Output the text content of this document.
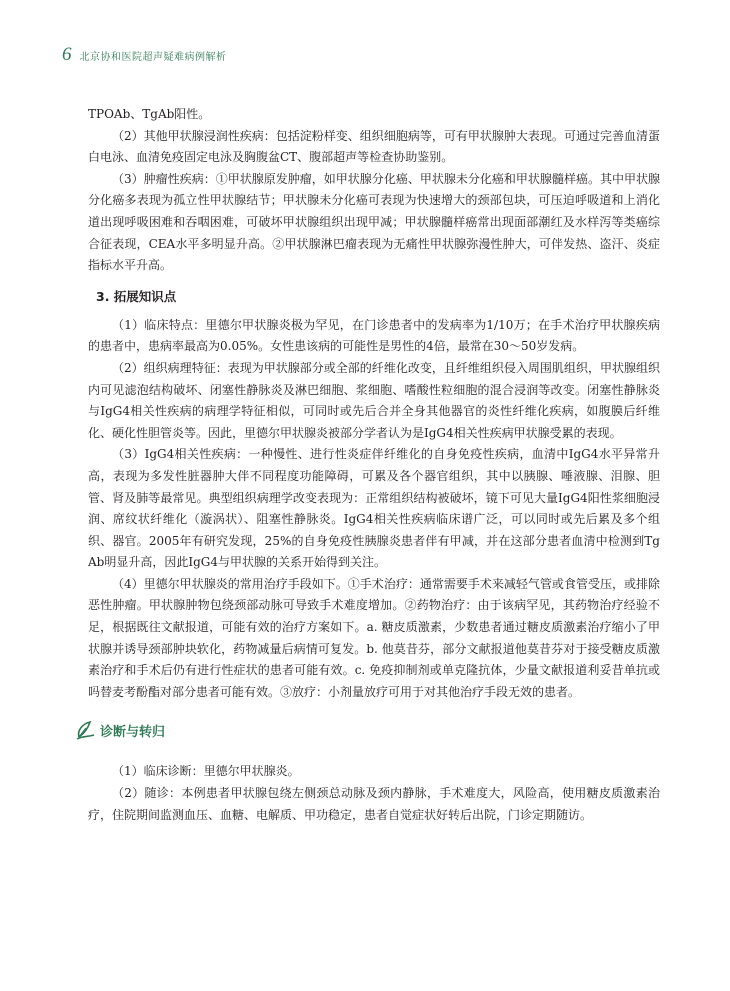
6 北京协和医院超声疑难病例解析

TPOAb、TgAb阳性。

（2）其他甲状腺浸润性疾病：包括淀粉样变、组织细胞病等，可有甲状腺肿大表现。可通过完善血清蛋白电泳、血清免疫固定电泳及胸腹盆CT、腹部超声等检查协助鉴别。

（3）肿瘤性疾病：①甲状腺原发肿瘤，如甲状腺分化癌、甲状腺未分化癌和甲状腺髓样癌。其中甲状腺分化癌多表现为孤立性甲状腺结节；甲状腺未分化癌可表现为快速增大的颈部包块，可压迫呼吸道和上消化道出现呼吸困难和吞咽困难，可破坏甲状腺组织出现甲减；甲状腺髓样癌常出现面部潮红及水样泻等类癌综合征表现，CEA水平多明显升高。②甲状腺淋巴瘤表现为无痛性甲状腺弥漫性肿大，可伴发热、盗汗、炎症指标水平升高。

3. 拓展知识点

（1）临床特点：里德尔甲状腺炎极为罕见，在门诊患者中的发病率为1/10万；在手术治疗甲状腺疾病的患者中，患病率最高为0.05%。女性患该病的可能性是男性的4倍，最常在30～50岁发病。

（2）组织病理特征：表现为甲状腺部分或全部的纤维化改变，且纤维组织侵入周围肌组织，甲状腺组织内可见滤泡结构破坏、闭塞性静脉炎及淋巴细胞、浆细胞、嗜酸性粒细胞的混合浸润等改变。闭塞性静脉炎与IgG4相关性疾病的病理学特征相似，可同时或先后合并全身其他器官的炎性纤维化疾病，如腹膜后纤维化、硬化性胆管炎等。因此，里德尔甲状腺炎被部分学者认为是IgG4相关性疾病甲状腺受累的表现。

（3）IgG4相关性疾病：一种慢性、进行性炎症伴纤维化的自身免疫性疾病，血清中IgG4水平异常升高，表现为多发性脏器肿大伴不同程度功能障碍，可累及各个器官组织，其中以胰腺、唾液腺、泪腺、胆管、肾及肺等最常见。典型组织病理学改变表现为：正常组织结构被破坏，镜下可见大量IgG4阳性浆细胞浸润、席纹状纤维化（漩涡状）、阻塞性静脉炎。IgG4相关性疾病临床谱广泛，可以同时或先后累及多个组织、器官。2005年有研究发现，25%的自身免疫性胰腺炎患者伴有甲减，并在这部分患者血清中检测到TgAb明显升高，因此IgG4与甲状腺的关系开始得到关注。

（4）里德尔甲状腺炎的常用治疗手段如下。①手术治疗：通常需要手术来减轻气管或食管受压，或排除恶性肿瘤。甲状腺肿物包绕颈部动脉可导致手术难度增加。②药物治疗：由于该病罕见，其药物治疗经验不足，根据既往文献报道，可能有效的治疗方案如下。a. 糖皮质激素，少数患者通过糖皮质激素治疗缩小了甲状腺并诱导颈部肿块软化，药物减量后病情可复发。b. 他莫昔芬，部分文献报道他莫昔芬对于接受糖皮质激素治疗和手术后仍有进行性症状的患者可能有效。c. 免疫抑制剂或单克隆抗体，少量文献报道利妥昔单抗或吗替麦考酚酯对部分患者可能有效。③放疗：小剂量放疗可用于对其他治疗手段无效的患者。

诊断与转归

（1）临床诊断：里德尔甲状腺炎。

（2）随诊：本例患者甲状腺包绕左侧颈总动脉及颈内静脉，手术难度大，风险高，使用糖皮质激素治疗，住院期间监测血压、血糖、电解质、甲功稳定，患者自觉症状好转后出院，门诊定期随访。
